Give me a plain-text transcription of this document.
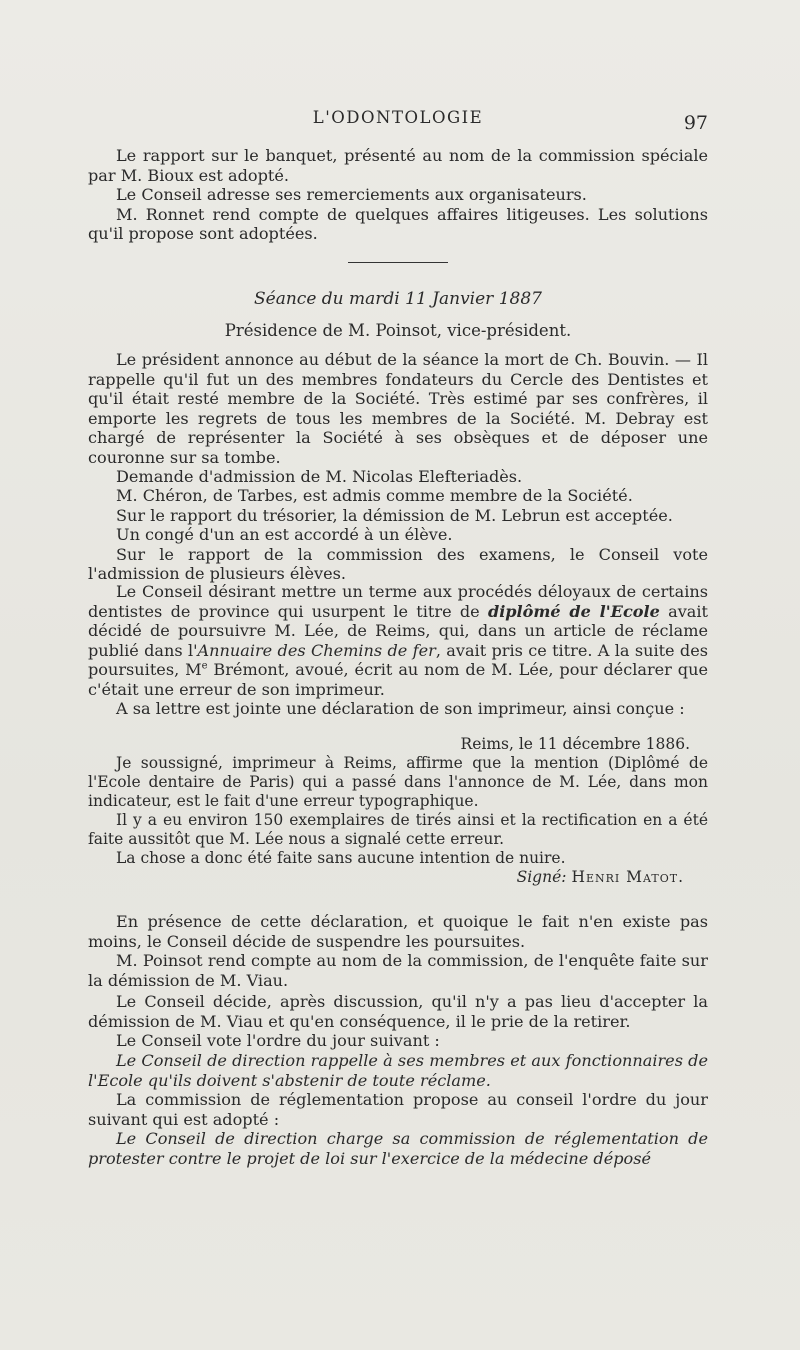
L'ODONTOLOGIE	97

Le rapport sur le banquet, présenté au nom de la commission spéciale par M. Bioux est adopté.

Le Conseil adresse ses remerciements aux organisateurs.

M. Ronnet rend compte de quelques affaires litigeuses. Les solutions qu'il propose sont adoptées.

Séance du mardi 11 Janvier 1887

Présidence de M. Poinsot, vice-président.

Le président annonce au début de la séance la mort de Ch. Bouvin. — Il rappelle qu'il fut un des membres fondateurs du Cercle des Dentistes et qu'il était resté membre de la Société. Très estimé par ses confrères, il emporte les regrets de tous les membres de la Société. M. Debray est chargé de représenter la Société à ses obsèques et de déposer une couronne sur sa tombe.

Demande d'admission de M. Nicolas Elefteriadès.

M. Chéron, de Tarbes, est admis comme membre de la Société.

Sur le rapport du trésorier, la démission de M. Lebrun est acceptée.

Un congé d'un an est accordé à un élève.

Sur le rapport de la commission des examens, le Conseil vote l'admission de plusieurs élèves.

Le Conseil désirant mettre un terme aux procédés déloyaux de certains dentistes de province qui usurpent le titre de diplômé de l'Ecole avait décidé de poursuivre M. Lée, de Reims, qui, dans un article de réclame publié dans l'Annuaire des Chemins de fer, avait pris ce titre. A la suite des poursuites, Me Brémont, avoué, écrit au nom de M. Lée, pour déclarer que c'était une erreur de son imprimeur.

A sa lettre est jointe une déclaration de son imprimeur, ainsi conçue :

Reims, le 11 décembre 1886.

Je soussigné, imprimeur à Reims, affirme que la mention (Diplômé de l'Ecole dentaire de Paris) qui a passé dans l'annonce de M. Lée, dans mon indicateur, est le fait d'une erreur typographique.

Il y a eu environ 150 exemplaires de tirés ainsi et la rectification en a été faite aussitôt que M. Lée nous a signalé cette erreur.

La chose a donc été faite sans aucune intention de nuire.

Signé: Henri Matot.

En présence de cette déclaration, et quoique le fait n'en existe pas moins, le Conseil décide de suspendre les poursuites.

M. Poinsot rend compte au nom de la commission, de l'enquête faite sur la démission de M. Viau.

Le Conseil décide, après discussion, qu'il n'y a pas lieu d'accepter la démission de M. Viau et qu'en conséquence, il le prie de la retirer.

Le Conseil vote l'ordre du jour suivant :

Le Conseil de direction rappelle à ses membres et aux fonctionnaires de l'Ecole qu'ils doivent s'abstenir de toute réclame.

La commission de réglementation propose au conseil l'ordre du jour suivant qui est adopté :

Le Conseil de direction charge sa commission de réglementation de protester contre le projet de loi sur l'exercice de la médecine déposé
